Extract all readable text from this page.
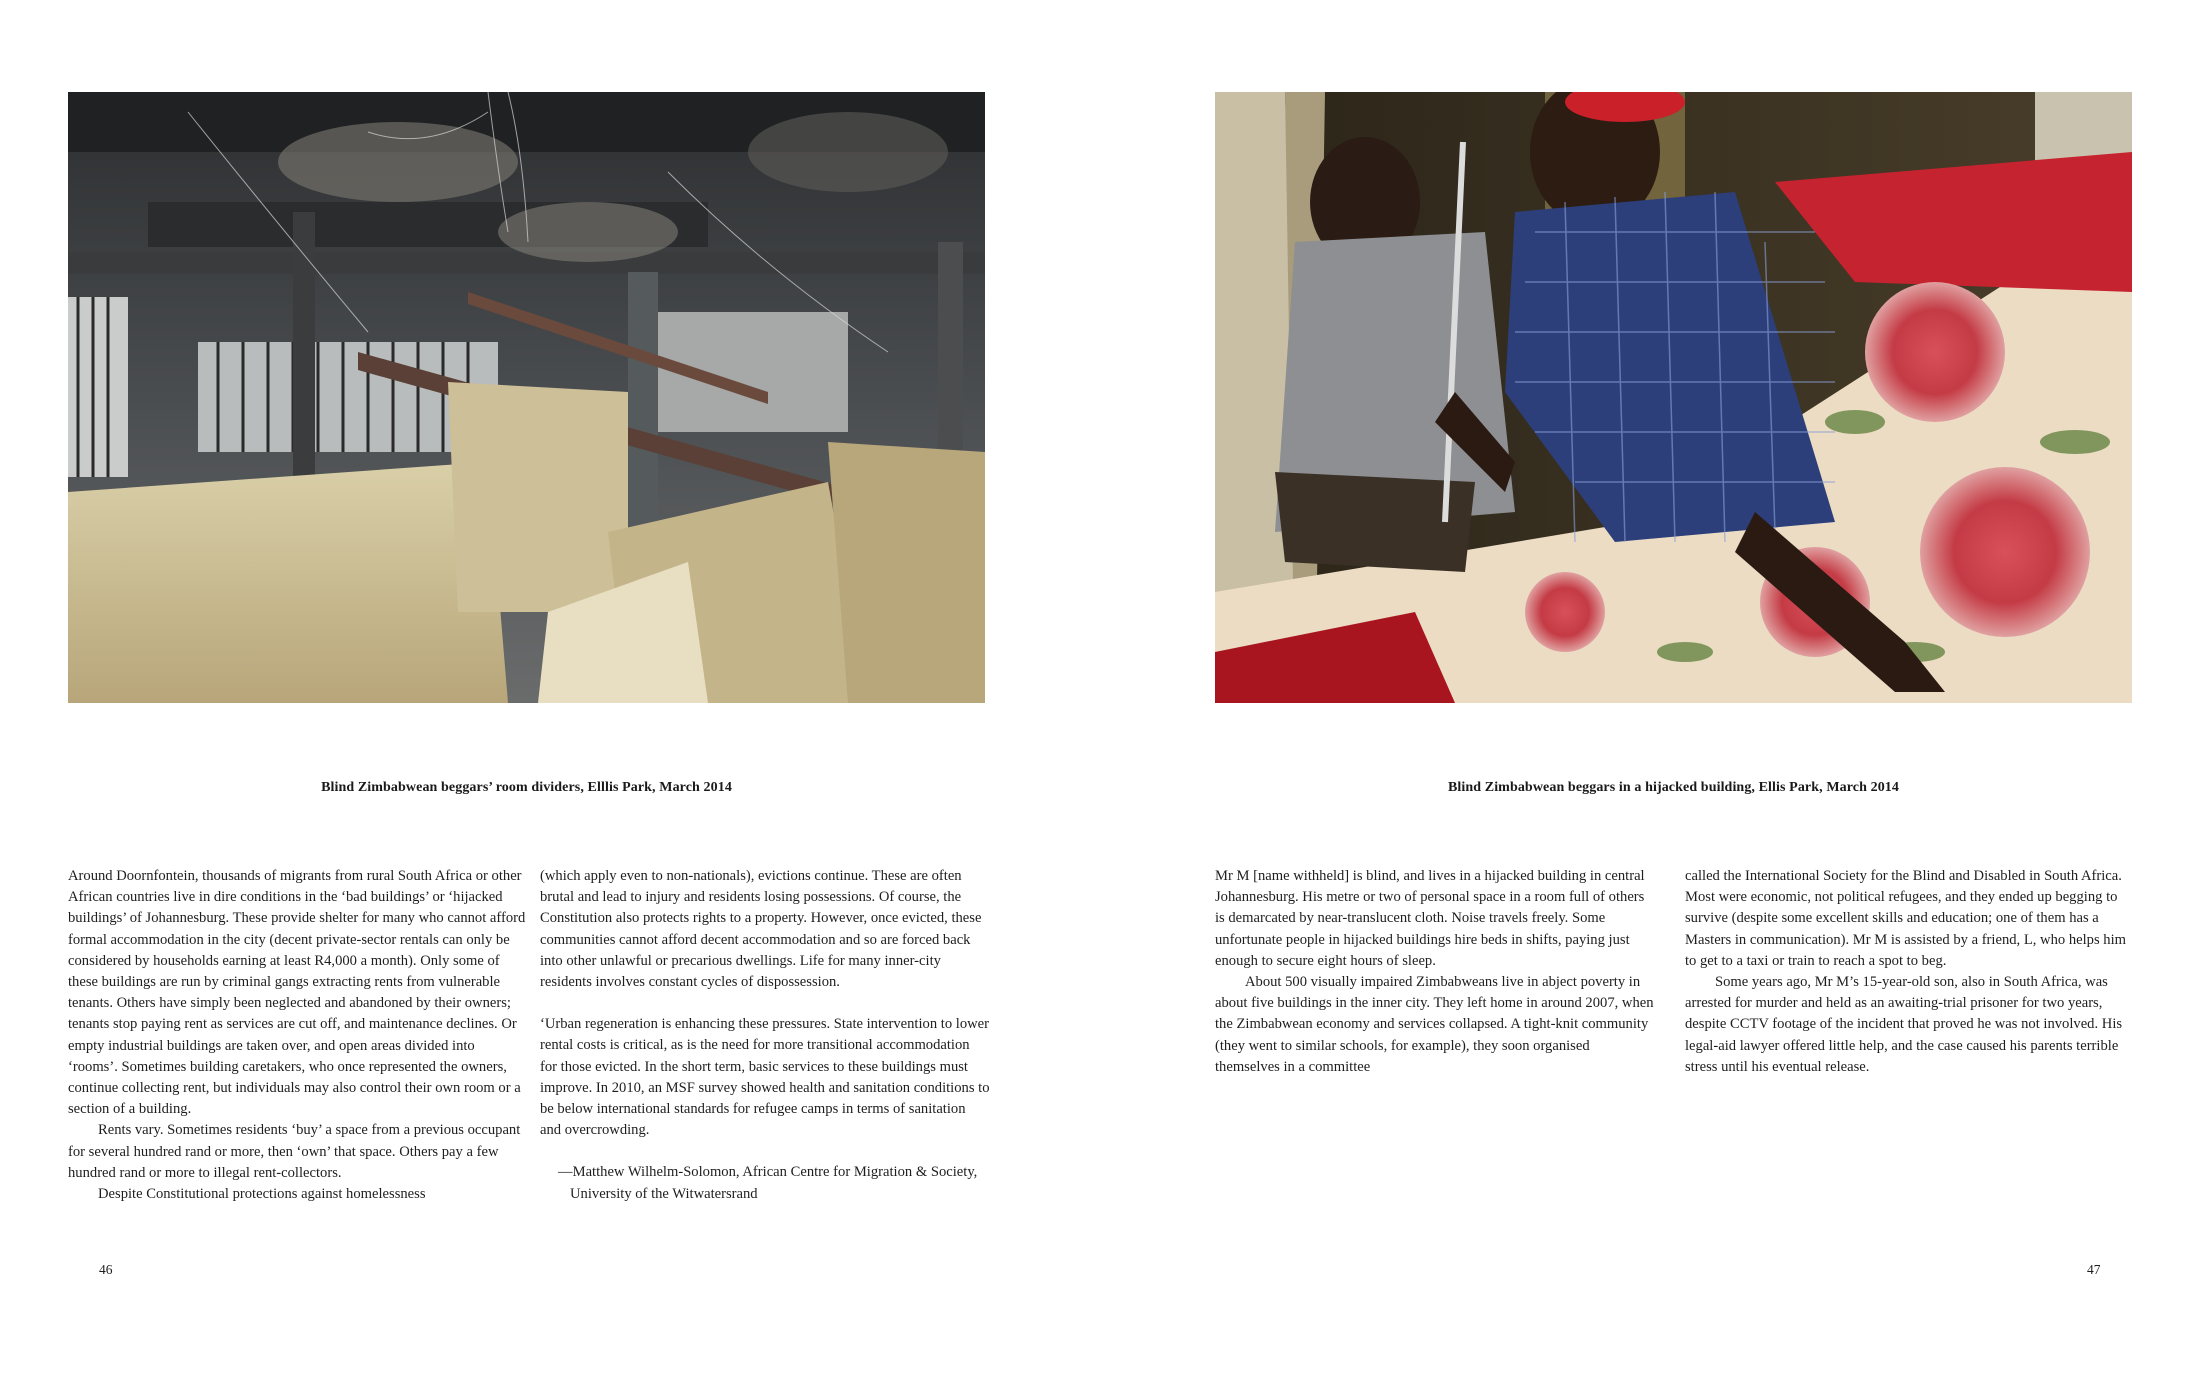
Blind Zimbabwean beggars’ room dividers, Elllis Park, March 2014

Around Doornfontein, thousands of migrants from rural South Africa or other African countries live in dire conditions in the ‘bad buildings’ or ‘hijacked buildings’ of Johannesburg. These provide shelter for many who cannot afford formal accommodation in the city (decent private-sector rentals can only be considered by households earning at least R4,000 a month). Only some of these buildings are run by criminal gangs extracting rents from vulnerable tenants. Others have simply been neglected and abandoned by their owners; tenants stop paying rent as services are cut off, and maintenance declines. Or empty industrial buildings are taken over, and open areas divided into ‘rooms’. Sometimes building caretakers, who once represented the owners, continue collecting rent, but individuals may also control their own room or a section of a building.

Rents vary. Sometimes residents ‘buy’ a space from a previous occupant for several hundred rand or more, then ‘own’ that space. Others pay a few hundred rand or more to illegal rent-collectors.

Despite Constitutional protections against homelessness

(which apply even to non-nationals), evictions continue. These are often brutal and lead to injury and residents losing possessions. Of course, the Constitution also protects rights to a property. However, once evicted, these communities cannot afford decent accommodation and so are forced back into other unlawful or precarious dwellings. Life for many inner-city residents involves constant cycles of dispossession.

‘Urban regeneration is enhancing these pressures. State intervention to lower rental costs is critical, as is the need for more transitional accommodation for those evicted. In the short term, basic services to these buildings must improve. In 2010, an MSF survey showed health and sanitation conditions to be below international standards for refugee camps in terms of sanitation and overcrowding.

—Matthew Wilhelm-Solomon, African Centre for Migration & Society, University of the Witwatersrand

46
Blind Zimbabwean beggars in a hijacked building, Ellis Park, March 2014

Mr M [name withheld] is blind, and lives in a hijacked building in central Johannesburg. His metre or two of personal space in a room full of others is demarcated by near-translucent cloth. Noise travels freely. Some unfortunate people in hijacked buildings hire beds in shifts, paying just enough to secure eight hours of sleep.

About 500 visually impaired Zimbabweans live in abject poverty in about five buildings in the inner city. They left home in around 2007, when the Zimbabwean economy and services collapsed. A tight-knit community (they went to similar schools, for example), they soon organised themselves in a committee

called the International Society for the Blind and Disabled in South Africa. Most were economic, not political refugees, and they ended up begging to survive (despite some excellent skills and education; one of them has a Masters in communication). Mr M is assisted by a friend, L, who helps him to get to a taxi or train to reach a spot to beg.

Some years ago, Mr M’s 15-year-old son, also in South Africa, was arrested for murder and held as an awaiting-trial prisoner for two years, despite CCTV footage of the incident that proved he was not involved. His legal-aid lawyer offered little help, and the case caused his parents terrible stress until his eventual release.

47
